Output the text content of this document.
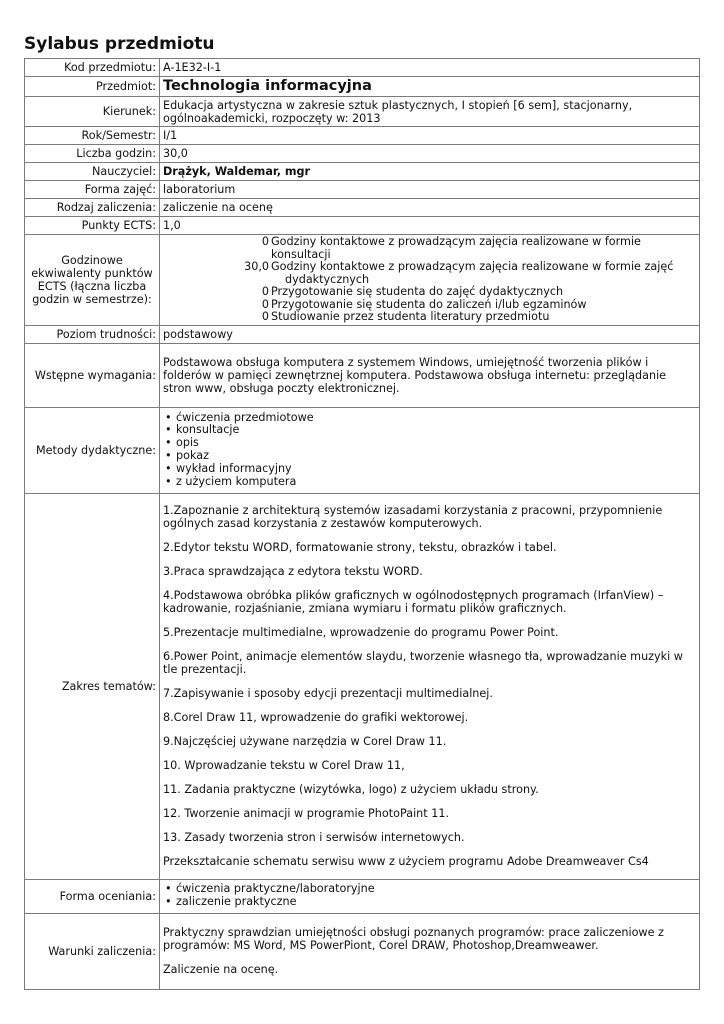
Sylabus przedmiotu
Kod przedmiotu:	A-1E32-I-1
Przedmiot:	Technologia informacyjna
Kierunek:	Edukacja artystyczna w zakresie sztuk plastycznych, I stopień [6 sem], stacjonarny, ogólnoakademicki, rozpoczęty w: 2013
Rok/Semestr:	I/1
Liczba godzin:	30,0
Nauczyciel:	Drążyk, Waldemar, mgr
Forma zajęć:	laboratorium
Rodzaj zaliczenia:	zaliczenie na ocenę
Punkty ECTS:	1,0
Godzinowe ekwiwalenty punktów ECTS (łączna liczba godzin w semestrze):	
0	Godziny kontaktowe z prowadzącym zajęcia realizowane w formie konsultacji
30,0	Godziny kontaktowe z prowadzącym zajęcia realizowane w formie zajęć dydaktycznych
0	Przygotowanie się studenta do zajęć dydaktycznych
0	Przygotowanie się studenta do zaliczeń i/lub egzaminów
0	Studiowanie przez studenta literatury przedmiotu

Poziom trudności:	podstawowy
Wstępne wymagania:	Podstawowa obsługa komputera z systemem Windows, umiejętność tworzenia plików i folderów w pamięci zewnętrznej komputera. Podstawowa obsługa internetu: przeglądanie stron www, obsługa poczty elektronicznej.
Metody dydaktyczne:	
• ćwiczenia przedmiotowe
• konsultacje
• opis
• pokaz
• wykład informacyjny
• z użyciem komputera

Zakres tematów:	

1.Zapoznanie z architekturą systemów izasadami korzystania z pracowni, przypomnienie ogólnych zasad korzystania z zestawów komputerowych.

2.Edytor tekstu WORD, formatowanie strony, tekstu, obrazków i tabel.

3.Praca sprawdzająca z edytora tekstu WORD.

4.Podstawowa obróbka plików graficznych w ogólnodostępnych programach (IrfanView) – kadrowanie, rozjaśnianie, zmiana wymiaru i formatu plików graficznych.

5.Prezentacje multimedialne, wprowadzenie do programu Power Point.

6.Power Point, animacje elementów slaydu, tworzenie własnego tła, wprowadzanie muzyki w tle prezentacji.

7.Zapisywanie i sposoby edycji prezentacji multimedialnej.

8.Corel Draw 11, wprowadzenie do grafiki wektorowej.

9.Najczęściej używane narzędzia w Corel Draw 11.

10. Wprowadzanie tekstu w Corel Draw 11,

11. Zadania praktyczne (wizytówka, logo) z użyciem układu strony.

12. Tworzenie animacji w programie PhotoPaint 11.

13. Zasady tworzenia stron i serwisów internetowych.

Przekształcanie schematu serwisu www z użyciem programu Adobe Dreamweaver Cs4

Forma oceniania:	
• ćwiczenia praktyczne/laboratoryjne
• zaliczenie praktyczne

Warunki zaliczenia:	

Praktyczny sprawdzian umiejętności obsługi poznanych programów: prace zaliczeniowe z programów: MS Word, MS PowerPiont, Corel DRAW, Photoshop,Dreamweawer.

Zaliczenie na ocenę.
